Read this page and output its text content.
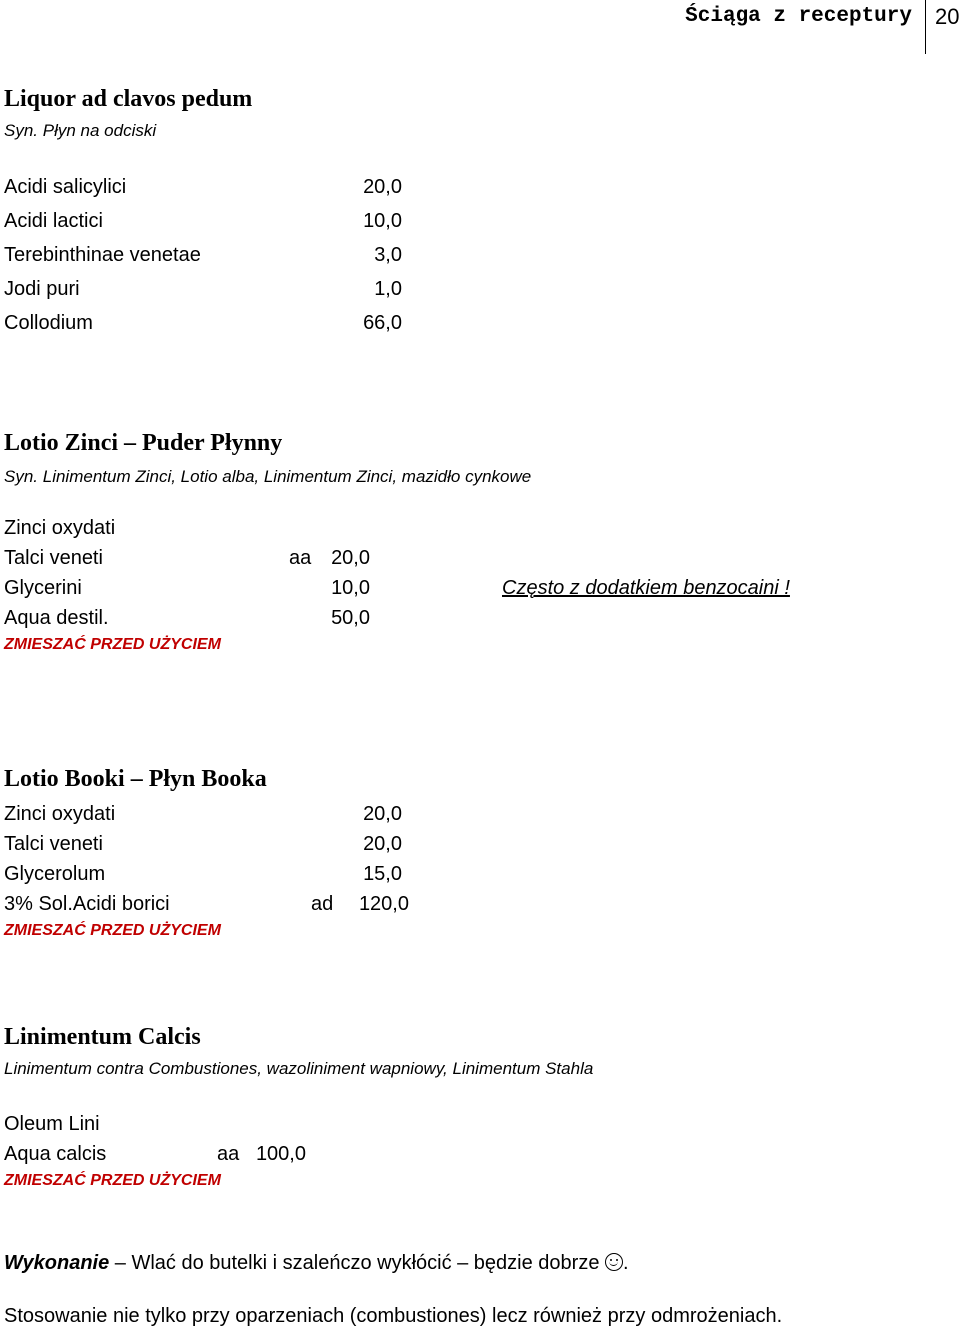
Ściąga z receptury 20
Liquor ad clavos pedum
Syn. Płyn na odciski
Acidi salicylici	20,0
Acidi lactici	10,0
Terebinthinae venetae	3,0
Jodi puri	1,0
Collodium	66,0
Lotio Zinci – Puder Płynny
Syn. Linimentum Zinci, Lotio alba, Linimentum Zinci, mazidło cynkowe
Zinci oxydati
Talci veneti	aa 20,0
Glycerini	10,0	Często z dodatkiem benzocaini !
Aqua destil.	50,0
ZMIESZAĆ PRZED UŻYCIEM
Lotio Booki – Płyn Booka
Zinci oxydati	20,0
Talci veneti	20,0
Glycerolum	15,0
3% Sol.Acidi borici	ad	120,0
ZMIESZAĆ PRZED UŻYCIEM
Linimentum Calcis
Linimentum contra Combustiones, wazoliniment wapniowy, Linimentum Stahla
Oleum Lini
Aqua calcis	aa 100,0
ZMIESZAĆ PRZED UŻYCIEM
Wykonanie – Wlać do butelki i szaleńczo wykłócić – będzie dobrze .
Stosowanie nie tylko przy oparzeniach (combustiones) lecz również przy odmrożeniach.
